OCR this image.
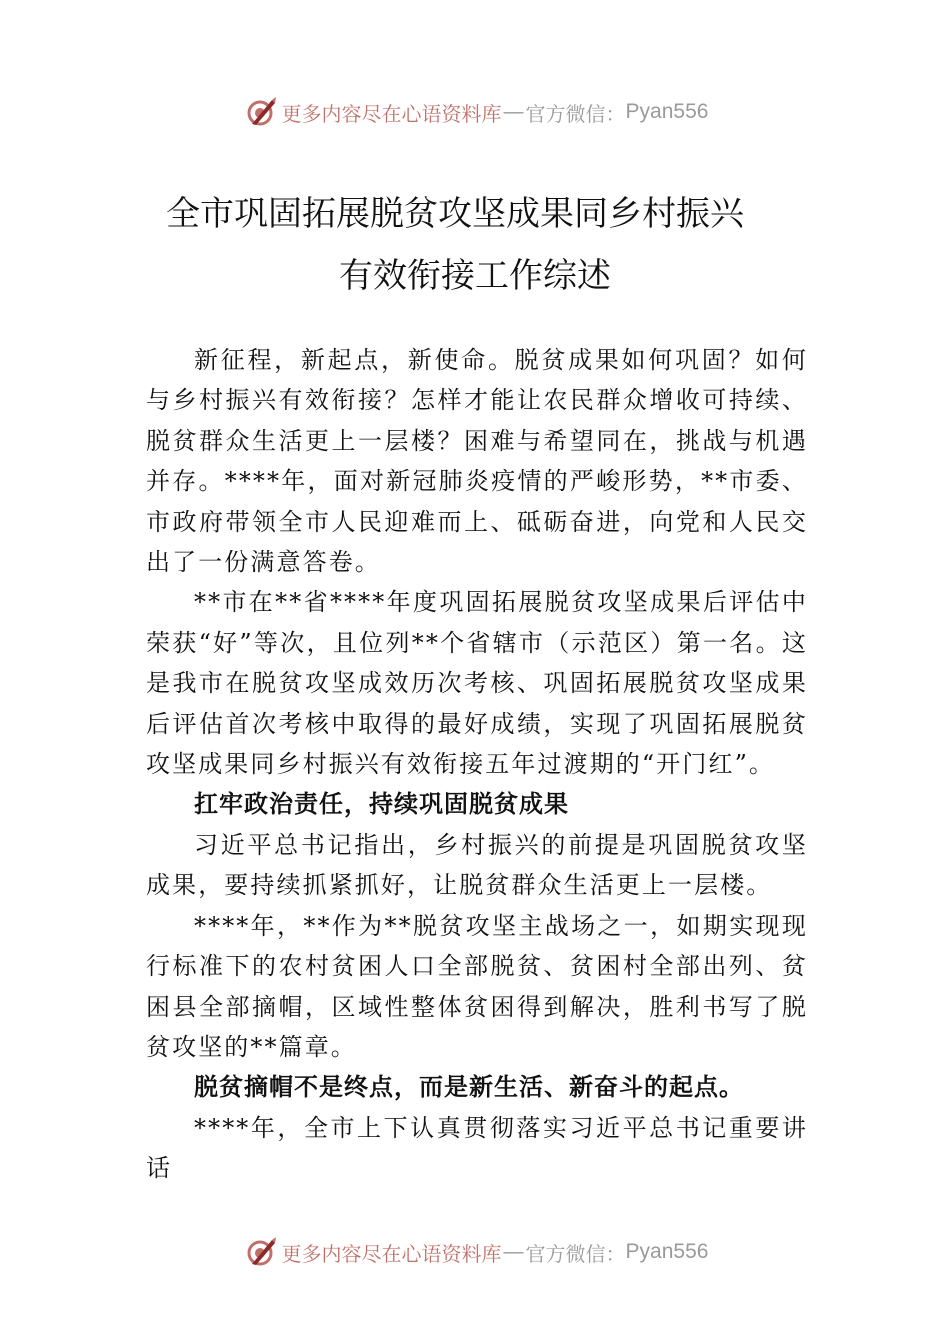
更多内容尽在心语资料库 — 官方微信： Pyan556
全市巩固拓展脱贫攻坚成果同乡村振兴
有效衔接工作综述

新征程，新起点，新使命。脱贫成果如何巩固？如何与乡村振兴有效衔接？怎样才能让农民群众增收可持续、脱贫群众生活更上一层楼？困难与希望同在，挑战与机遇并存。****年，面对新冠肺炎疫情的严峻形势，**市委、市政府带领全市人民迎难而上、砥砺奋进，向党和人民交出了一份满意答卷。

**市在**省****年度巩固拓展脱贫攻坚成果后评估中荣获“好”等次，且位列**个省辖市（示范区）第一名。这是我市在脱贫攻坚成效历次考核、巩固拓展脱贫攻坚成果后评估首次考核中取得的最好成绩，实现了巩固拓展脱贫攻坚成果同乡村振兴有效衔接五年过渡期的“开门红”。

扛牢政治责任，持续巩固脱贫成果

习近平总书记指出，乡村振兴的前提是巩固脱贫攻坚成果，要持续抓紧抓好，让脱贫群众生活更上一层楼。

****年，**作为**脱贫攻坚主战场之一，如期实现现行标准下的农村贫困人口全部脱贫、贫困村全部出列、贫困县全部摘帽，区域性整体贫困得到解决，胜利书写了脱贫攻坚的**篇章。

脱贫摘帽不是终点，而是新生活、新奋斗的起点。

****年，全市上下认真贯彻落实习近平总书记重要讲话

更多内容尽在心语资料库 — 官方微信： Pyan556
